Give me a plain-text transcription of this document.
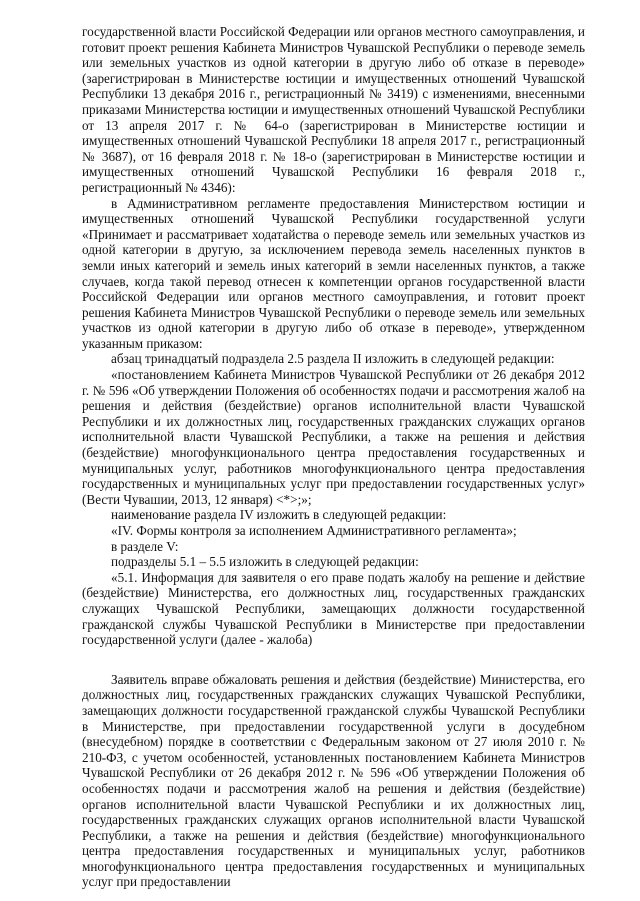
государственной власти Российской Федерации или органов местного самоуправления, и готовит проект решения Кабинета Министров Чувашской Республики о переводе земель или земельных участков из одной категории в другую либо об отказе в переводе» (зарегистрирован в Министерстве юстиции и имущественных отношений Чувашской Республики 13 декабря 2016 г., регистрационный № 3419) с изменениями, внесенными приказами Министерства юстиции и имущественных отношений Чувашской Республики от 13 апреля 2017 г. № 64-о (зарегистрирован в Министерстве юстиции и имущественных отношений Чувашской Республики 18 апреля 2017 г., регистрационный № 3687), от 16 февраля 2018 г. № 18-о (зарегистрирован в Министерстве юстиции и имущественных отношений Чувашской Республики 16 февраля 2018 г., регистрационный № 4346):

в Административном регламенте предоставления Министерством юстиции и имущественных отношений Чувашской Республики государственной услуги «Принимает и рассматривает ходатайства о переводе земель или земельных участков из одной категории в другую, за исключением перевода земель населенных пунктов в земли иных категорий и земель иных категорий в земли населенных пунктов, а также случаев, когда такой перевод отнесен к компетенции органов государственной власти Российской Федерации или органов местного самоуправления, и готовит проект решения Кабинета Министров Чувашской Республики о переводе земель или земельных участков из одной категории в другую либо об отказе в переводе», утвержденном указанным приказом:

абзац тринадцатый подраздела 2.5 раздела II изложить в следующей редакции:

«постановлением Кабинета Министров Чувашской Республики от 26 декабря 2012 г. № 596 «Об утверждении Положения об особенностях подачи и рассмотрения жалоб на решения и действия (бездействие) органов исполнительной власти Чувашской Республики и их должностных лиц, государственных гражданских служащих органов исполнительной власти Чувашской Республики, а также на решения и действия (бездействие) многофункционального центра предоставления государственных и муниципальных услуг, работников многофункционального центра предоставления государственных и муниципальных услуг при предоставлении государственных услуг» (Вести Чувашии, 2013, 12 января) <*>;»;

наименование раздела IV изложить в следующей редакции:

«IV. Формы контроля за исполнением Административного регламента»;

в разделе V:

подразделы 5.1 – 5.5 изложить в следующей редакции:

«5.1. Информация для заявителя о его праве подать жалобу на решение и действие (бездействие) Министерства, его должностных лиц, государственных гражданских служащих Чувашской Республики, замещающих должности государственной гражданской службы Чувашской Республики в Министерстве при предоставлении государственной услуги (далее - жалоба)

Заявитель вправе обжаловать решения и действия (бездействие) Министерства, его должностных лиц, государственных гражданских служащих Чувашской Республики, замещающих должности государственной гражданской службы Чувашской Республики в Министерстве, при предоставлении государственной услуги в досудебном (внесудебном) порядке в соответствии с Федеральным законом от 27 июля 2010 г. № 210-ФЗ, с учетом особенностей, установленных постановлением Кабинета Министров Чувашской Республики от 26 декабря 2012 г. № 596 «Об утверждении Положения об особенностях подачи и рассмотрения жалоб на решения и действия (бездействие) органов исполнительной власти Чувашской Республики и их должностных лиц, государственных гражданских служащих органов исполнительной власти Чувашской Республики, а также на решения и действия (бездействие) многофункционального центра предоставления государственных и муниципальных услуг, работников многофункционального центра предоставления государственных и муниципальных услуг при предоставлении
